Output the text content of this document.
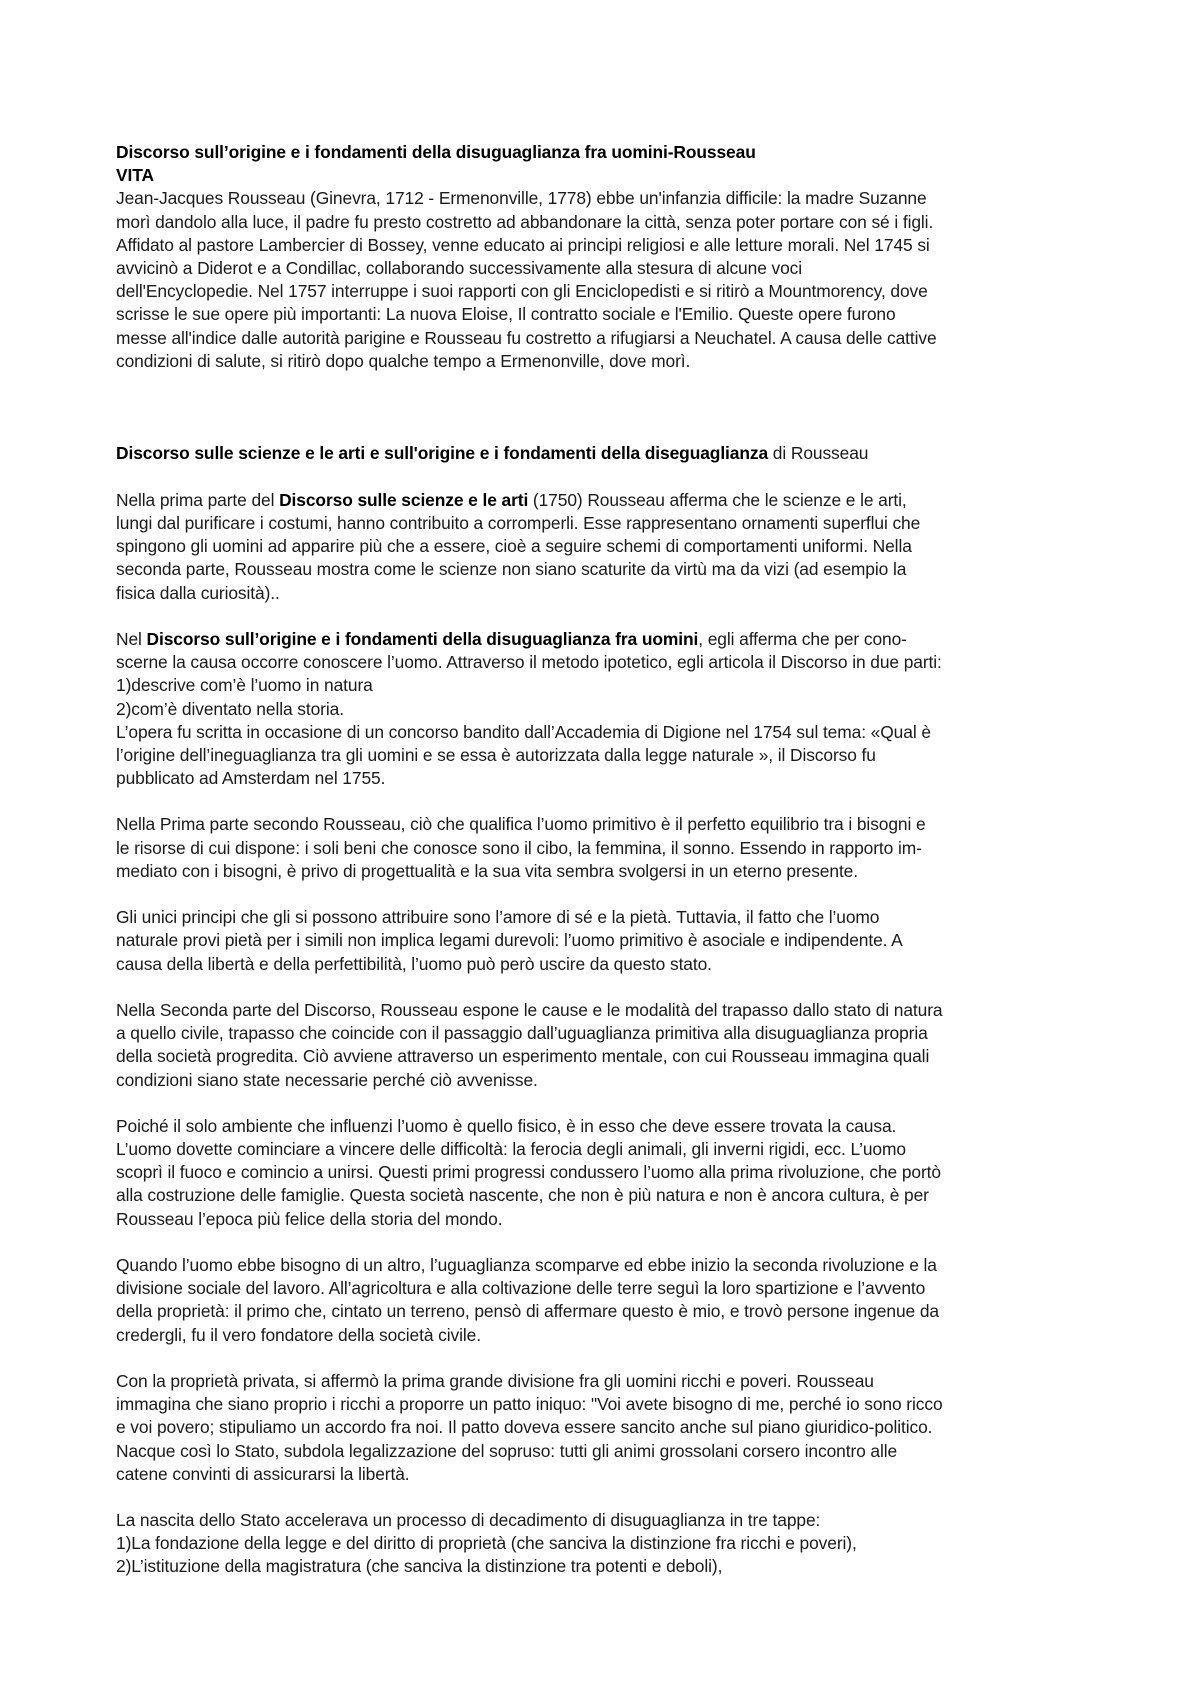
Discorso sull’origine e i fondamenti della disuguaglianza fra uomini-Rousseau
VITA
Jean-Jacques Rousseau (Ginevra, 1712 - Ermenonville, 1778) ebbe un'infanzia difficile: la madre Suzanne
morì dandolo alla luce, il padre fu presto costretto ad abbandonare la città, senza poter portare con sé i figli.
Affidato al pastore Lambercier di Bossey, venne educato ai principi religiosi e alle letture morali. Nel 1745 si
avvicinò a Diderot e a Condillac, collaborando successivamente alla stesura di alcune voci
dell'Encyclopedie. Nel 1757 interruppe i suoi rapporti con gli Enciclopedisti e si ritirò a Mountmorency, dove
scrisse le sue opere più importanti: La nuova Eloise, Il contratto sociale e l'Emilio. Queste opere furono
messe all'indice dalle autorità parigine e Rousseau fu costretto a rifugiarsi a Neuchatel. A causa delle cattive
condizioni di salute, si ritirò dopo qualche tempo a Ermenonville, dove morì.
Discorso sulle scienze e le arti e sull'origine e i fondamenti della diseguaglianza di Rousseau
Nella prima parte del Discorso sulle scienze e le arti (1750) Rousseau afferma che le scienze e le arti,
lungi dal purificare i costumi, hanno contribuito a corromperli. Esse rappresentano ornamenti superflui che
spingono gli uomini ad apparire più che a essere, cioè a seguire schemi di comportamenti uniformi. Nella
seconda parte, Rousseau mostra come le scienze non siano scaturite da virtù ma da vizi (ad esempio la
fisica dalla curiosità)..
Nel Discorso sull’origine e i fondamenti della disuguaglianza fra uomini, egli afferma che per cono-
scerne la causa occorre conoscere l’uomo. Attraverso il metodo ipotetico, egli articola il Discorso in due parti:
1)descrive com’è l’uomo in natura
2)com’è diventato nella storia.
L’opera fu scritta in occasione di un concorso bandito dall’Accademia di Digione nel 1754 sul tema: «Qual è
l’origine dell’ineguaglianza tra gli uomini e se essa è autorizzata dalla legge naturale », il Discorso fu
pubblicato ad Amsterdam nel 1755.
Nella Prima parte secondo Rousseau, ciò che qualifica l’uomo primitivo è il perfetto equilibrio tra i bisogni e
le risorse di cui dispone: i soli beni che conosce sono il cibo, la femmina, il sonno. Essendo in rapporto im-
mediato con i bisogni, è privo di progettualità e la sua vita sembra svolgersi in un eterno presente.
Gli unici principi che gli si possono attribuire sono l’amore di sé e la pietà. Tuttavia, il fatto che l’uomo
naturale provi pietà per i simili non implica legami durevoli: l’uomo primitivo è asociale e indipendente. A
causa della libertà e della perfettibilità, l’uomo può però uscire da questo stato.
Nella Seconda parte del Discorso, Rousseau espone le cause e le modalità del trapasso dallo stato di natura
a quello civile, trapasso che coincide con il passaggio dall’uguaglianza primitiva alla disuguaglianza propria
della società progredita. Ciò avviene attraverso un esperimento mentale, con cui Rousseau immagina quali
condizioni siano state necessarie perché ciò avvenisse.
Poiché il solo ambiente che influenzi l’uomo è quello fisico, è in esso che deve essere trovata la causa.
L’uomo dovette cominciare a vincere delle difficoltà: la ferocia degli animali, gli inverni rigidi, ecc. L’uomo
scoprì il fuoco e comincio a unirsi. Questi primi progressi condussero l’uomo alla prima rivoluzione, che portò
alla costruzione delle famiglie. Questa società nascente, che non è più natura e non è ancora cultura, è per
Rousseau l’epoca più felice della storia del mondo.
Quando l’uomo ebbe bisogno di un altro, l’uguaglianza scomparve ed ebbe inizio la seconda rivoluzione e la
divisione sociale del lavoro. All’agricoltura e alla coltivazione delle terre seguì la loro spartizione e l’avvento
della proprietà: il primo che, cintato un terreno, pensò di affermare questo è mio, e trovò persone ingenue da
credergli, fu il vero fondatore della società civile.
Con la proprietà privata, si affermò la prima grande divisione fra gli uomini ricchi e poveri. Rousseau
immagina che siano proprio i ricchi a proporre un patto iniquo: "Voi avete bisogno di me, perché io sono ricco
e voi povero; stipuliamo un accordo fra noi. Il patto doveva essere sancito anche sul piano giuridico-politico.
Nacque così lo Stato, subdola legalizzazione del sopruso: tutti gli animi grossolani corsero incontro alle
catene convinti di assicurarsi la libertà.
La nascita dello Stato accelerava un processo di decadimento di disuguaglianza in tre tappe:
1)La fondazione della legge e del diritto di proprietà (che sanciva la distinzione fra ricchi e poveri),
2)L’istituzione della magistratura (che sanciva la distinzione tra potenti e deboli),
